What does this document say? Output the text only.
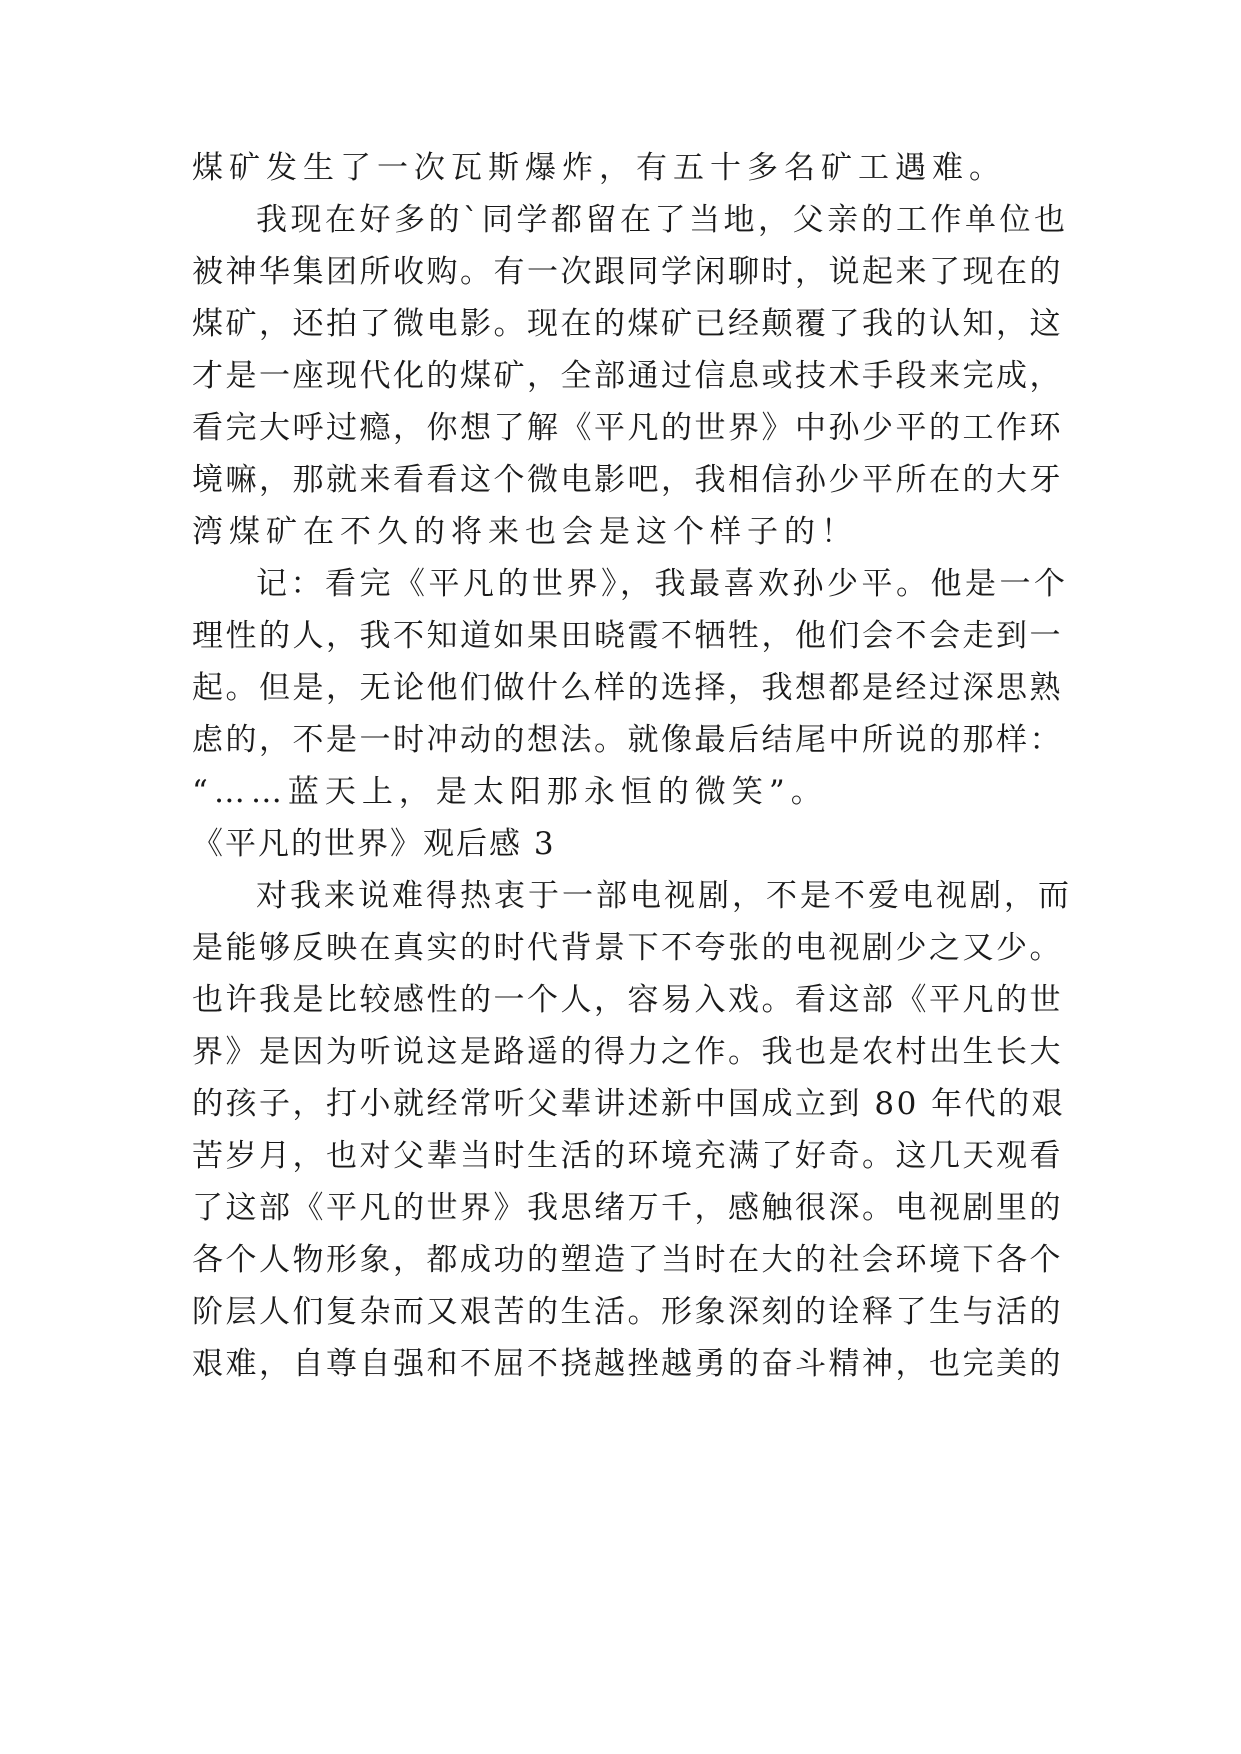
煤矿发生了一次瓦斯爆炸，有五十多名矿工遇难。
我现在好多的`同学都留在了当地，父亲的工作单位也
被神华集团所收购。有一次跟同学闲聊时，说起来了现在的
煤矿，还拍了微电影。现在的煤矿已经颠覆了我的认知，这
才是一座现代化的煤矿，全部通过信息或技术手段来完成，
看完大呼过瘾，你想了解《平凡的世界》中孙少平的工作环
境嘛，那就来看看这个微电影吧，我相信孙少平所在的大牙
湾煤矿在不久的将来也会是这个样子的！
记：看完《平凡的世界》，我最喜欢孙少平。他是一个
理性的人，我不知道如果田晓霞不牺牲，他们会不会走到一
起。但是，无论他们做什么样的选择，我想都是经过深思熟
虑的，不是一时冲动的想法。就像最后结尾中所说的那样：
“……蓝天上，是太阳那永恒的微笑”。
《平凡的世界》观后感 3
对我来说难得热衷于一部电视剧，不是不爱电视剧，而
是能够反映在真实的时代背景下不夸张的电视剧少之又少。
也许我是比较感性的一个人，容易入戏。看这部《平凡的世
界》是因为听说这是路遥的得力之作。我也是农村出生长大
的孩子，打小就经常听父辈讲述新中国成立到 80 年代的艰
苦岁月，也对父辈当时生活的环境充满了好奇。这几天观看
了这部《平凡的世界》我思绪万千，感触很深。电视剧里的
各个人物形象，都成功的塑造了当时在大的社会环境下各个
阶层人们复杂而又艰苦的生活。形象深刻的诠释了生与活的
艰难，自尊自强和不屈不挠越挫越勇的奋斗精神，也完美的
